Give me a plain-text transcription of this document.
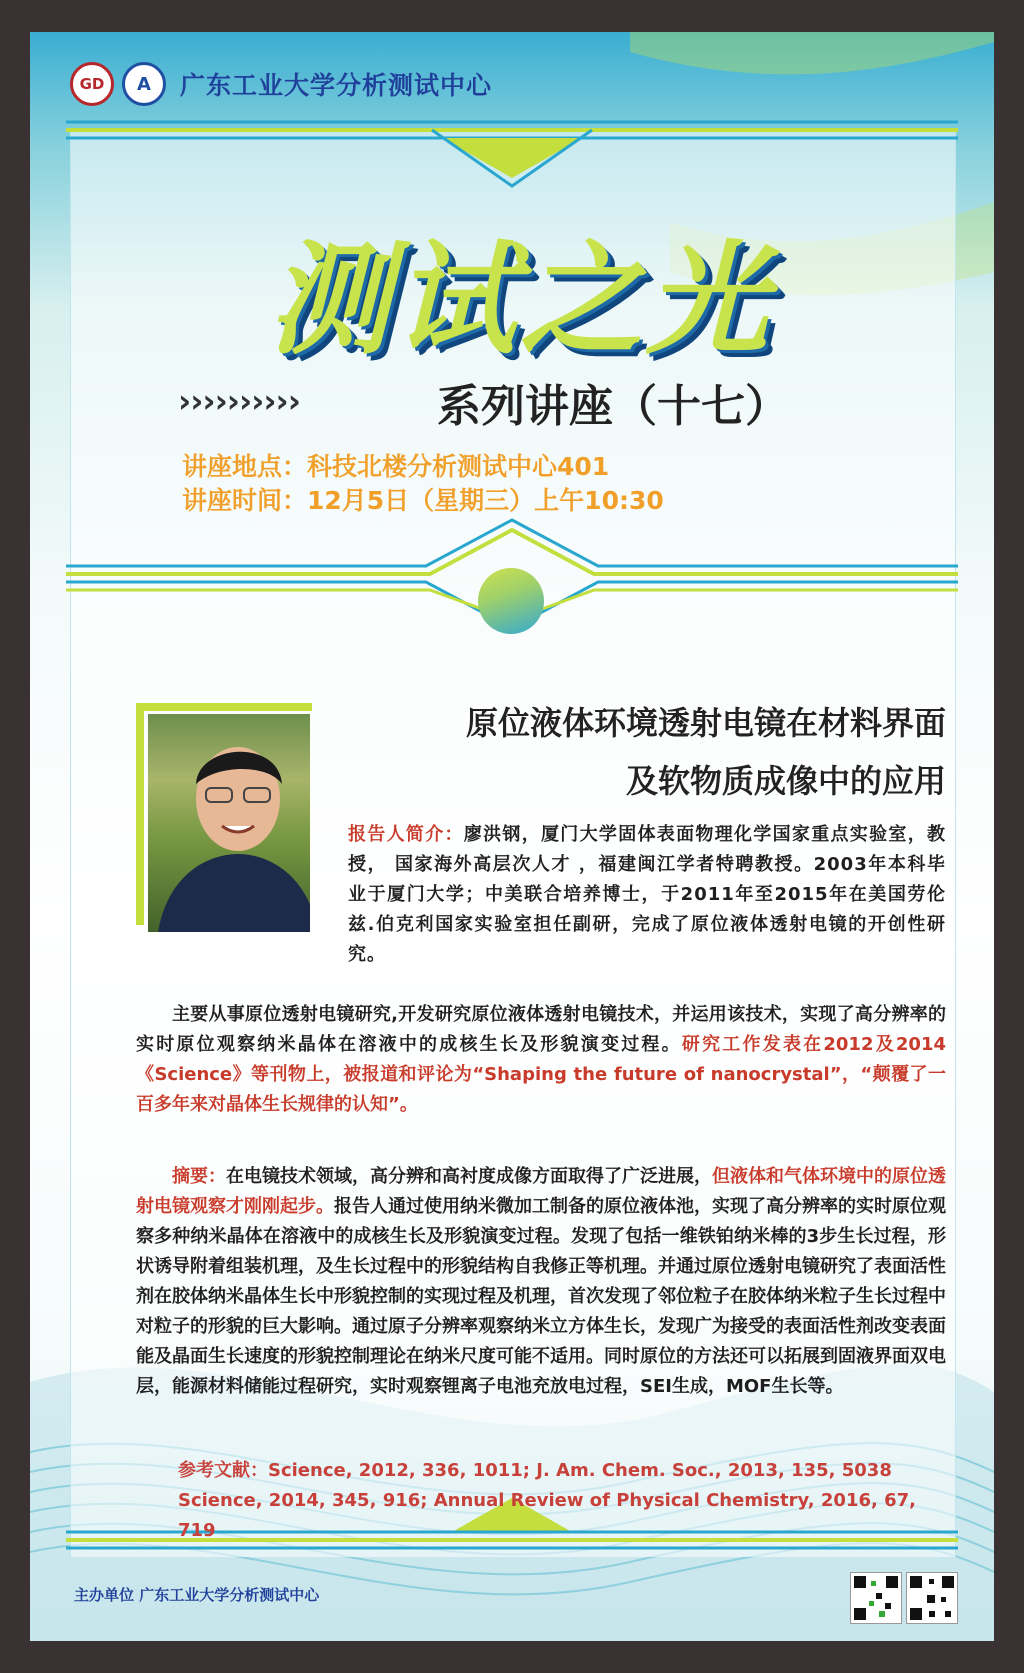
GD A 广东工业大学分析测试中心
测试之光
››››››››››	系列讲座（十七）
讲座地点：科技北楼分析测试中心401
讲座时间：12月5日（星期三）上午10:30
原位液体环境透射电镜在材料界面
及软物质成像中的应用
报告人简介：廖洪钢，厦门大学固体表面物理化学国家重点实验室，教授， 国家海外高层次人才 ，福建闽江学者特聘教授。2003年本科毕业于厦门大学；中美联合培养博士，于2011年至2015年在美国劳伦兹.伯克利国家实验室担任副研，完成了原位液体透射电镜的开创性研究。
主要从事原位透射电镜研究,开发研究原位液体透射电镜技术，并运用该技术，实现了高分辨率的实时原位观察纳米晶体在溶液中的成核生长及形貌演变过程。研究工作发表在2012及2014《Science》等刊物上，被报道和评论为“Shaping the future of nanocrystal”，“颠覆了一百多年来对晶体生长规律的认知”。
摘要：在电镜技术领域，高分辨和高衬度成像方面取得了广泛进展，但液体和气体环境中的原位透射电镜观察才刚刚起步。报告人通过使用纳米微加工制备的原位液体池，实现了高分辨率的实时原位观察多种纳米晶体在溶液中的成核生长及形貌演变过程。发现了包括一维铁铂纳米棒的3步生长过程，形状诱导附着组装机理，及生长过程中的形貌结构自我修正等机理。并通过原位透射电镜研究了表面活性剂在胶体纳米晶体生长中形貌控制的实现过程及机理，首次发现了邻位粒子在胶体纳米粒子生长过程中对粒子的形貌的巨大影响。通过原子分辨率观察纳米立方体生长，发现广为接受的表面活性剂改变表面能及晶面生长速度的形貌控制理论在纳米尺度可能不适用。同时原位的方法还可以拓展到固液界面双电层，能源材料储能过程研究，实时观察锂离子电池充放电过程，SEI生成，MOF生长等。
参考文献：Science, 2012, 336, 1011; J. Am. Chem. Soc., 2013, 135, 5038
Science, 2014, 345, 916; Annual Review of Physical Chemistry, 2016, 67, 719
主办单位 广东工业大学分析测试中心
